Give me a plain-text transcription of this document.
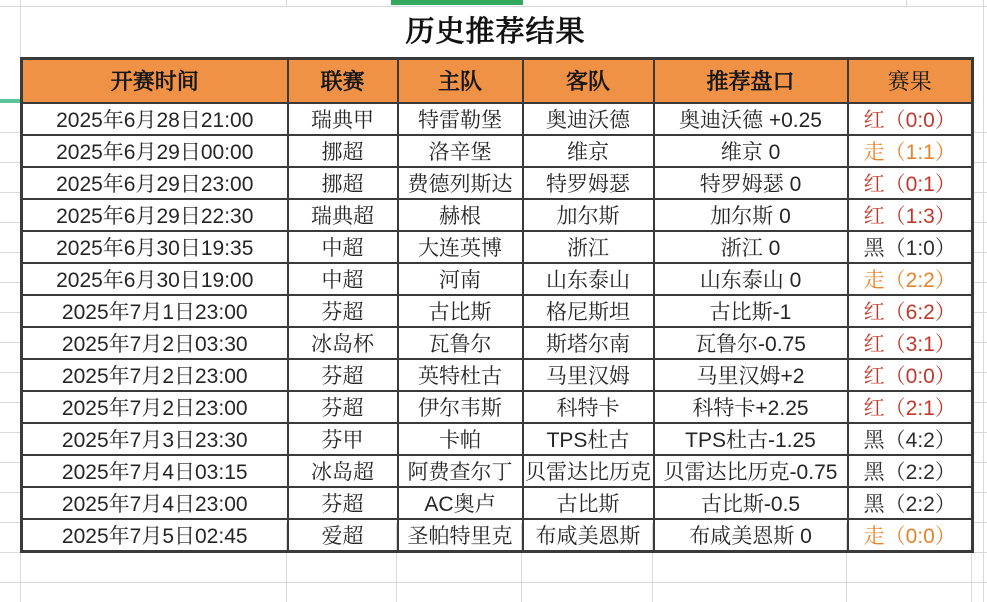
历史推荐结果
开赛时间	联赛	主队	客队	推荐盘口	赛果
2025年6月28日21:00	瑞典甲	特雷勒堡	奥迪沃德	奥迪沃德 +0.25	红（0:0）
2025年6月29日00:00	挪超	洛辛堡	维京	维京 0	走（1:1）
2025年6月29日23:00	挪超	费德列斯达	特罗姆瑟	特罗姆瑟 0	红（0:1）
2025年6月29日22:30	瑞典超	赫根	加尔斯	加尔斯 0	红（1:3）
2025年6月30日19:35	中超	大连英博	浙江	浙江 0	黑（1:0）
2025年6月30日19:00	中超	河南	山东泰山	山东泰山 0	走（2:2）
2025年7月1日23:00	芬超	古比斯	格尼斯坦	古比斯-1	红（6:2）
2025年7月2日03:30	冰岛杯	瓦鲁尔	斯塔尔南	瓦鲁尔-0.75	红（3:1）
2025年7月2日23:00	芬超	英特杜古	马里汉姆	马里汉姆+2	红（0:0）
2025年7月2日23:00	芬超	伊尔韦斯	科特卡	科特卡+2.25	红（2:1）
2025年7月3日23:30	芬甲	卡帕	TPS杜古	TPS杜古-1.25	黑（4:2）
2025年7月4日03:15	冰岛超	阿费查尔丁	贝雷达比历克	贝雷达比历克-0.75	黑（2:2）
2025年7月4日23:00	芬超	AC奥卢	古比斯	古比斯-0.5	黑（2:2）
2025年7月5日02:45	爱超	圣帕特里克	布咸美恩斯	布咸美恩斯 0	走（0:0）
